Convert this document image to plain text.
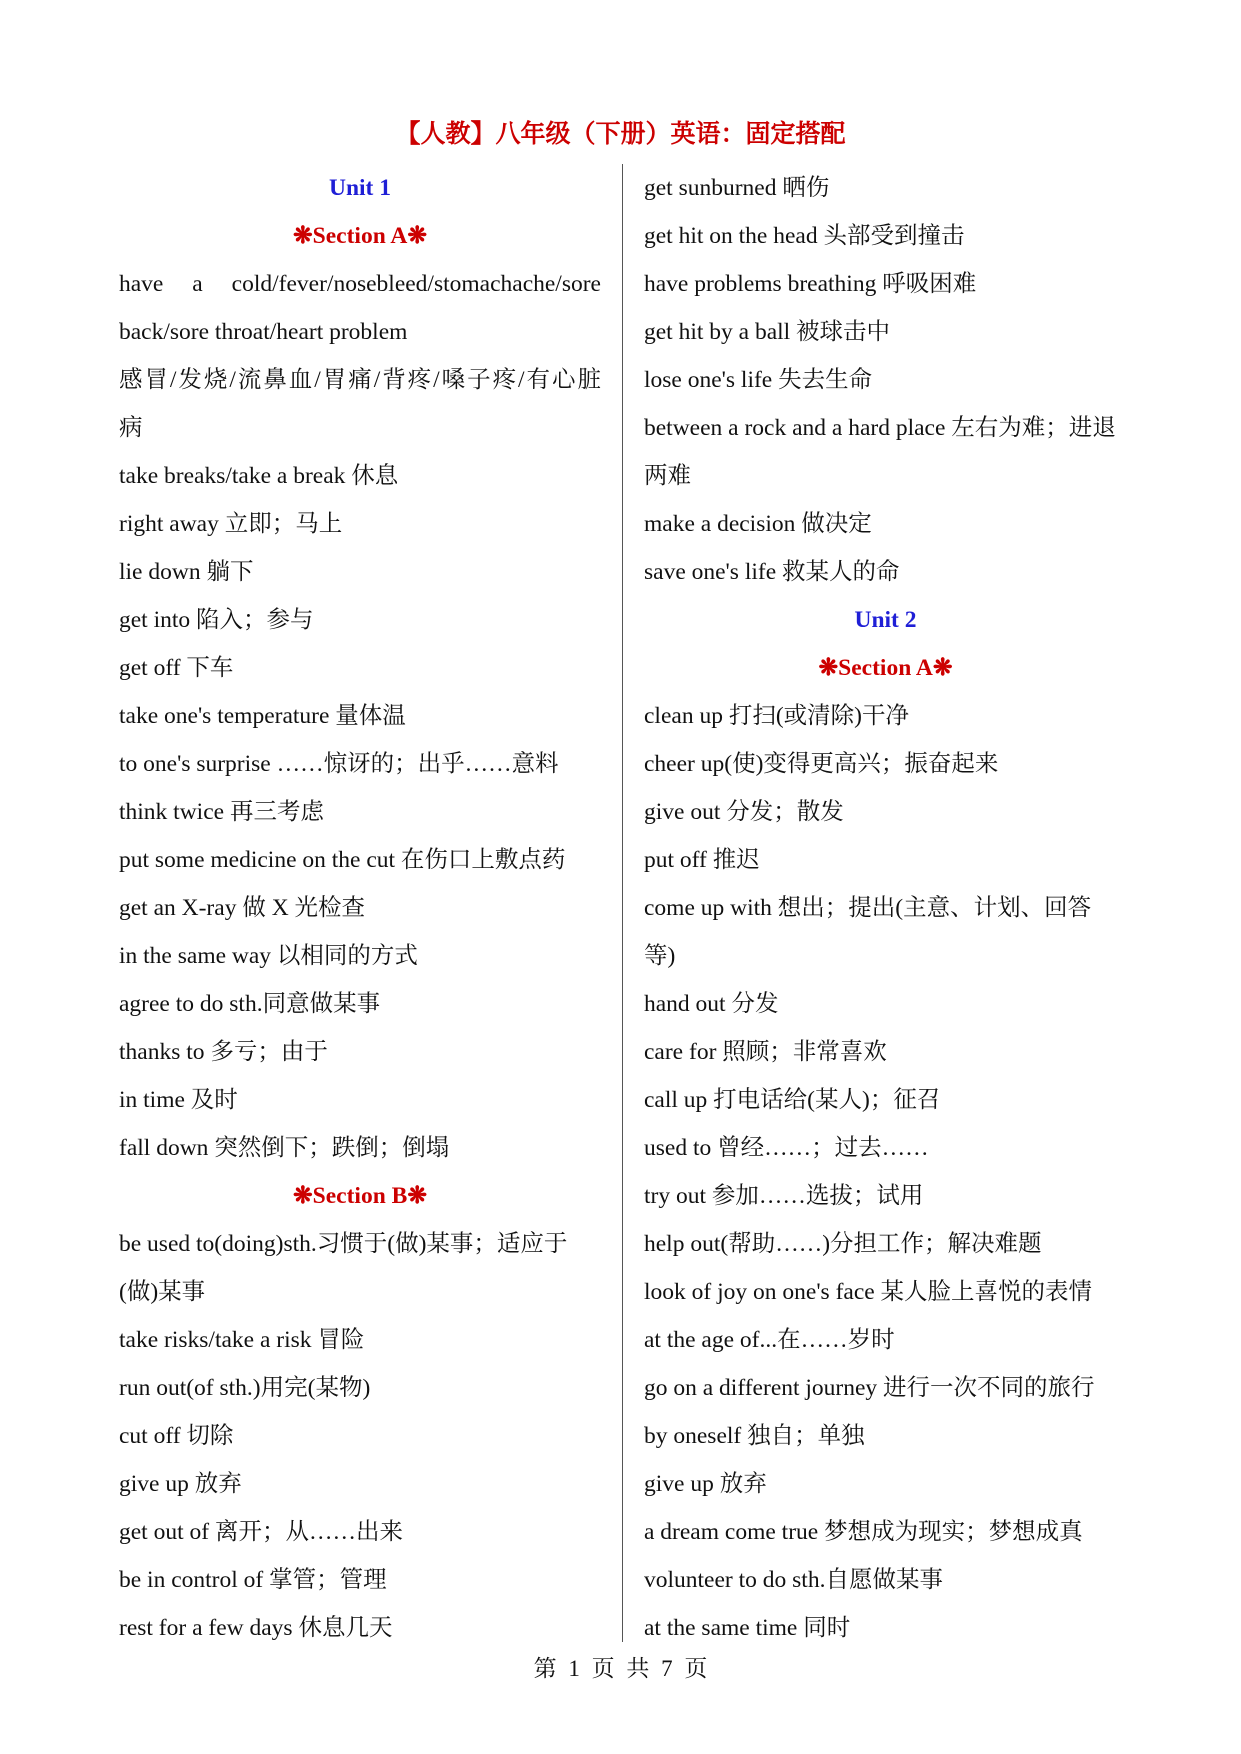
【人教】八年级（下册）英语：固定搭配
Unit 1
❋Section A❋
have a cold/fever/nosebleed/stomachache/sore
back/sore throat/heart problem
感冒/发烧/流鼻血/胃痛/背疼/嗓子疼/有心脏
病
take breaks/take a break 休息
right away 立即；马上
lie down 躺下
get into 陷入；参与
get off 下车
take one's temperature 量体温
to one's surprise ……惊讶的；出乎……意料
think twice 再三考虑
put some medicine on the cut 在伤口上敷点药
get an X-ray 做 X 光检查
in the same way 以相同的方式
agree to do sth.同意做某事
thanks to 多亏；由于
in time 及时
fall down 突然倒下；跌倒；倒塌
❋Section B❋
be used to(doing)sth.习惯于(做)某事；适应于
(做)某事
take risks/take a risk 冒险
run out(of sth.)用完(某物)
cut off 切除
give up 放弃
get out of 离开；从……出来
be in control of 掌管；管理
rest for a few days 休息几天
get sunburned 晒伤
get hit on the head 头部受到撞击
have problems breathing 呼吸困难
get hit by a ball 被球击中
lose one's life 失去生命
between a rock and a hard place 左右为难；进退
两难
make a decision 做决定
save one's life 救某人的命
Unit 2
❋Section A❋
clean up 打扫(或清除)干净
cheer up(使)变得更高兴；振奋起来
give out 分发；散发
put off 推迟
come up with 想出；提出(主意、计划、回答
等)
hand out 分发
care for 照顾；非常喜欢
call up 打电话给(某人)；征召
used to 曾经……；过去……
try out 参加……选拔；试用
help out(帮助……)分担工作；解决难题
look of joy on one's face 某人脸上喜悦的表情
at the age of...在……岁时
go on a different journey 进行一次不同的旅行
by oneself 独自；单独
give up 放弃
a dream come true 梦想成为现实；梦想成真
volunteer to do sth.自愿做某事
at the same time 同时
第 1 页 共 7 页
